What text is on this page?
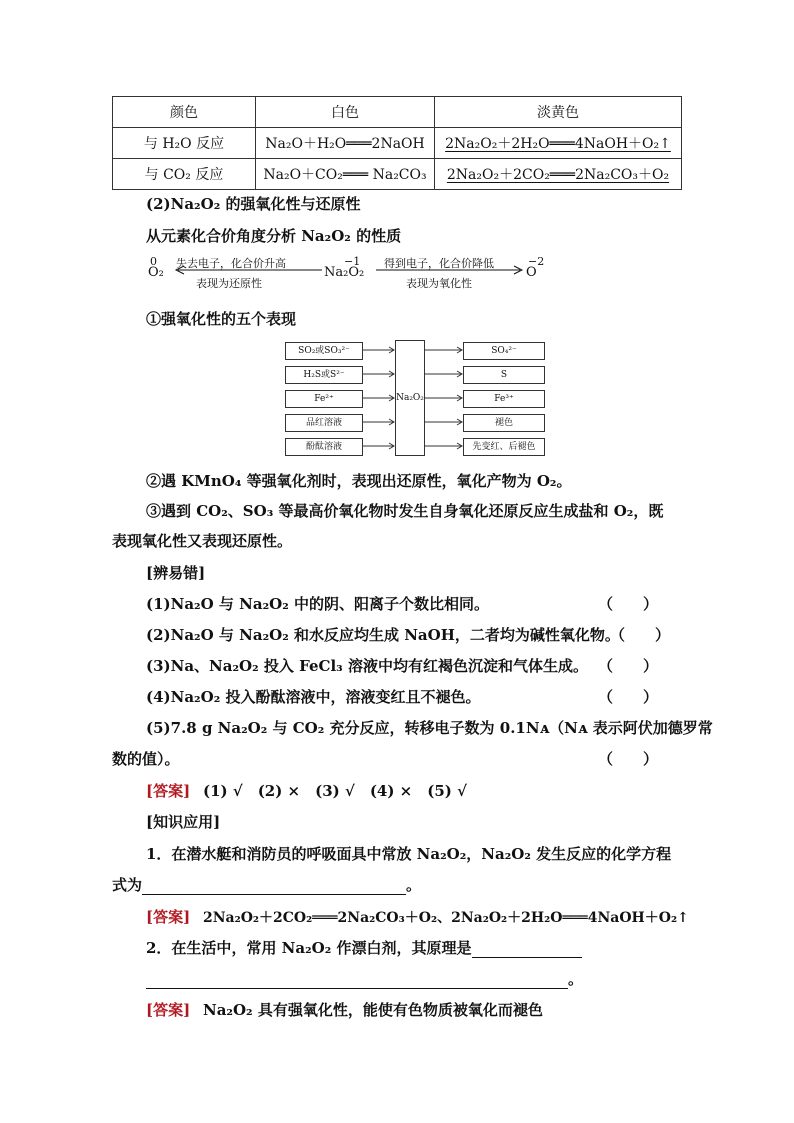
颜色	白色	淡黄色
与 H₂O 反应	Na₂O＋H₂O═══2NaOH	2Na₂O₂＋2H₂O═══4NaOH＋O₂↑
与 CO₂ 反应	Na₂O＋CO₂═══ Na₂CO₃	2Na₂O₂＋2CO₂═══2Na₂CO₃＋O₂
(2)Na₂O₂ 的强氧化性与还原性
从元素化合价角度分析 Na₂O₂ 的性质
0
O₂
失去电子，化合价升高
表现为还原性
−1
Na₂O₂
得到电子，化合价降低
表现为氧化性
−2
O
①强氧化性的五个表现
SO₂或SO₃²⁻
H₂S或S²⁻
Fe²⁺
品红溶液
酚酞溶液
Na₂O₂
SO₄²⁻
S
Fe³⁺
褪色
先变红、后褪色
②遇 KMnO₄ 等强氧化剂时，表现出还原性，氧化产物为 O₂。
③遇到 CO₂、SO₃ 等最高价氧化物时发生自身氧化还原反应生成盐和 O₂，既
表现氧化性又表现还原性。
[辨易错]
(1)Na₂O 与 Na₂O₂ 中的阴、阳离子个数比相同。	（　　）
(2)Na₂O 与 Na₂O₂ 和水反应均生成 NaOH，二者均为碱性氧化物。
（　　）
(3)Na、Na₂O₂ 投入 FeCl₃ 溶液中均有红褐色沉淀和气体生成。 （　　）
(4)Na₂O₂ 投入酚酞溶液中，溶液变红且不褪色。	（　　）
(5)7.8 g Na₂O₂ 与 CO₂ 充分反应，转移电子数为 0.1Nᴀ（Nᴀ 表示阿伏加德罗常
数的值）。	（　　）
[答案] (1) √　(2) ×　(3) √　(4) ×　(5) √
[知识应用]
1．在潜水艇和消防员的呼吸面具中常放 Na₂O₂，Na₂O₂ 发生反应的化学方程
式为	。
[答案] 2Na₂O₂＋2CO₂═══2Na₂CO₃＋O₂、2Na₂O₂＋2H₂O═══4NaOH＋O₂↑
2．在生活中，常用 Na₂O₂ 作漂白剂，其原理是
。
[答案] Na₂O₂ 具有强氧化性，能使有色物质被氧化而褪色
